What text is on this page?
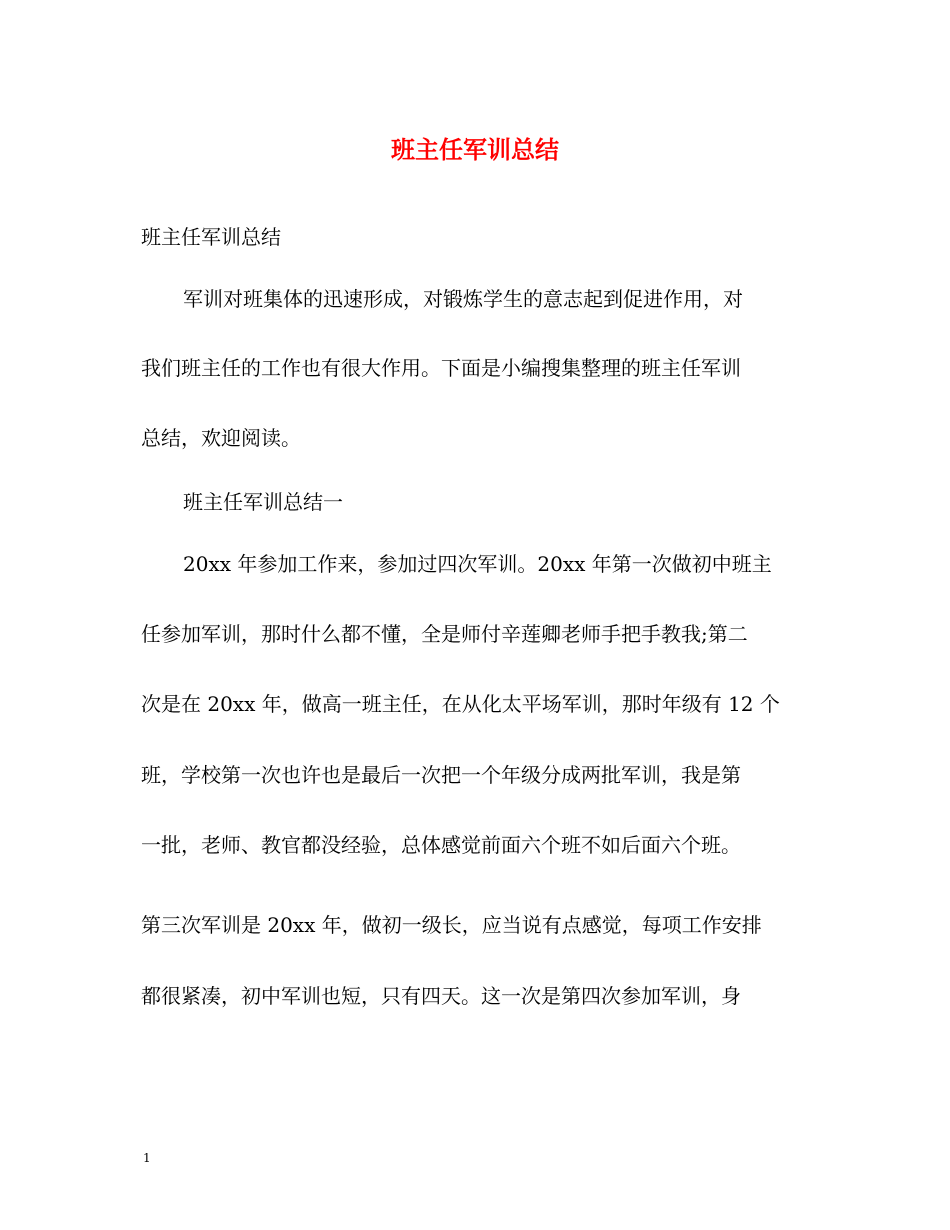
班主任军训总结

班主任军训总结

军训对班集体的迅速形成，对锻炼学生的意志起到促进作用，对

我们班主任的工作也有很大作用。下面是小编搜集整理的班主任军训

总结，欢迎阅读。

班主任军训总结一

20xx 年参加工作来，参加过四次军训。20xx 年第一次做初中班主

任参加军训，那时什么都不懂，全是师付辛莲卿老师手把手教我;第二

次是在 20xx 年，做高一班主任，在从化太平场军训，那时年级有 12 个

班，学校第一次也许也是最后一次把一个年级分成两批军训，我是第

一批，老师、教官都没经验，总体感觉前面六个班不如后面六个班。

第三次军训是 20xx 年，做初一级长，应当说有点感觉，每项工作安排

都很紧凑，初中军训也短，只有四天。这一次是第四次参加军训，身

1
